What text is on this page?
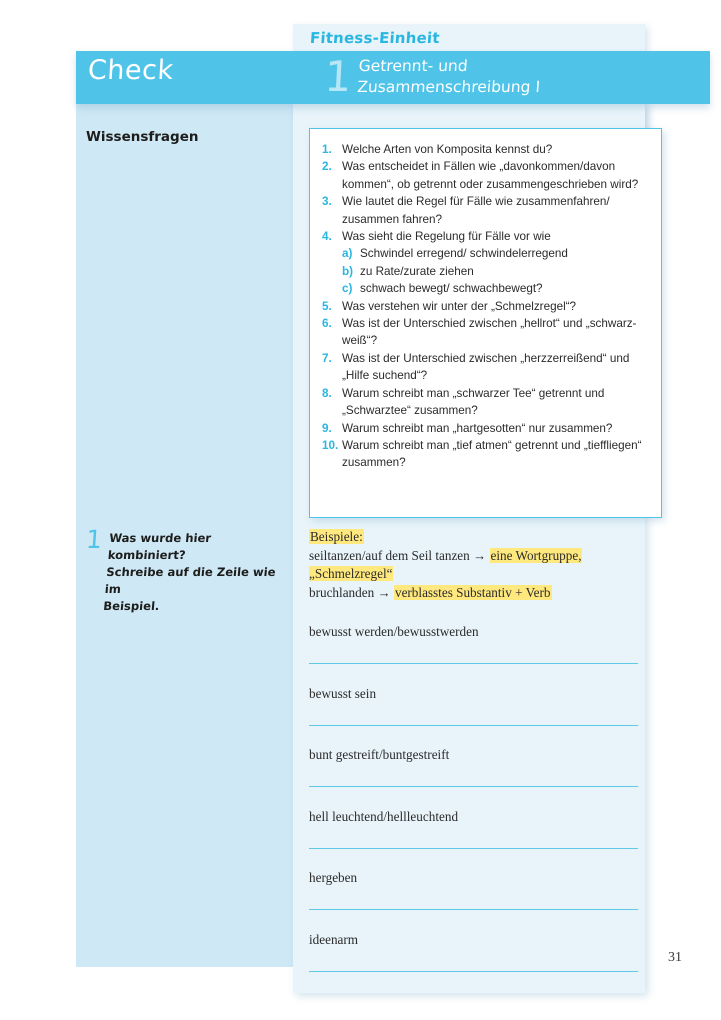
Check
Fitness-Einheit
1 Getrennt- und
Zusammenschreibung I
Wissensfragen
1 Was wurde hier kombiniert?
Schreibe auf die Zeile wie im
Beispiel.
1. Welche Arten von Komposita kennst du?
2. Was entscheidet in Fällen wie „davonkommen/davon kommen“, ob getrennt oder zusammengeschrieben wird?
3. Wie lautet die Regel für Fälle wie zusammenfahren/ zusammen fahren?
4. Was sieht die Regelung für Fälle vor wie
a) Schwindel erregend/ schwindelerregend
b) zu Rate/zurate ziehen
c) schwach bewegt/ schwachbewegt?
5. Was verstehen wir unter der „Schmelzregel“?
6. Was ist der Unterschied zwischen „hellrot“ und „schwarz-weiß“?
7. Was ist der Unterschied zwischen „herzzerreißend“ und „Hilfe suchend“?
8. Warum schreibt man „schwarzer Tee“ getrennt und „Schwarztee“ zusammen?
9. Warum schreibt man „hartgesotten“ nur zusammen?
10. Warum schreibt man „tief atmen“ getrennt und „tieffliegen“ zusammen?
Beispiele:
seiltanzen/auf dem Seil tanzen → eine Wortgruppe, „Schmelzregel“
bruchlanden → verblasstes Substantiv + Verb
bewusst werden/bewusstwerden
bewusst sein
bunt gestreift/buntgestreift
hell leuchtend/hellleuchtend
hergeben
ideenarm
31
